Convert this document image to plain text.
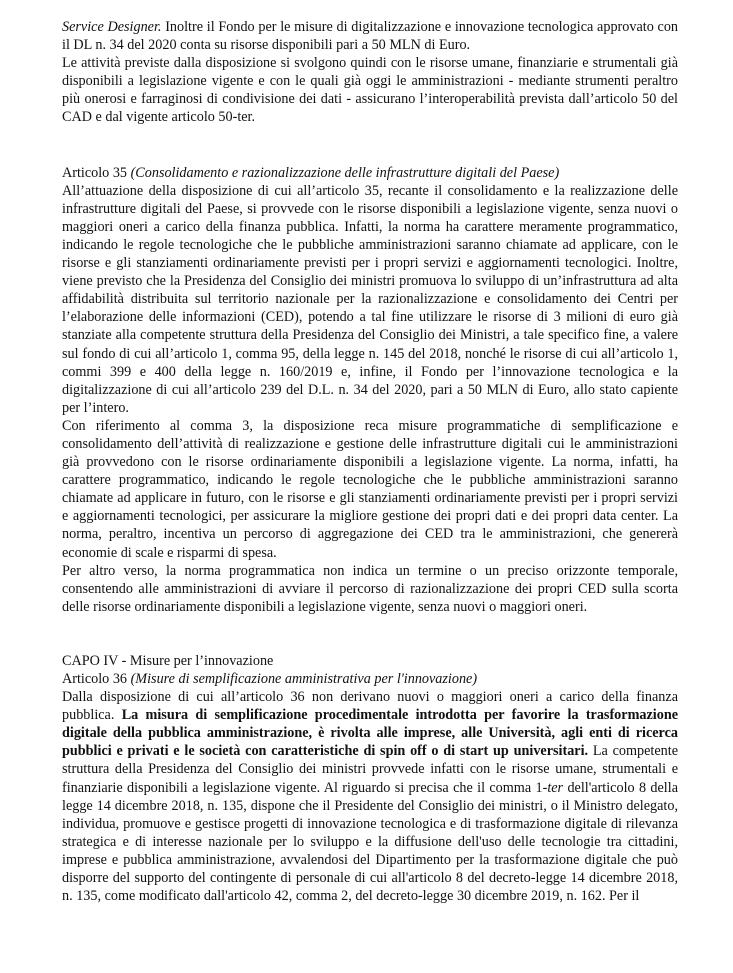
Service Designer. Inoltre il Fondo per le misure di digitalizzazione e innovazione tecnologica approvato con il DL n. 34 del 2020 conta su risorse disponibili pari a 50 MLN di Euro.

Le attività previste dalla disposizione si svolgono quindi con le risorse umane, finanziarie e strumentali già disponibili a legislazione vigente e con le quali già oggi le amministrazioni - mediante strumenti peraltro più onerosi e farraginosi di condivisione dei dati - assicurano l’interoperabilità prevista dall’articolo 50 del CAD e dal vigente articolo 50-ter.

Articolo 35 (Consolidamento e razionalizzazione delle infrastrutture digitali del Paese)

All’attuazione della disposizione di cui all’articolo 35, recante il consolidamento e la realizzazione delle infrastrutture digitali del Paese, si provvede con le risorse disponibili a legislazione vigente, senza nuovi o maggiori oneri a carico della finanza pubblica. Infatti, la norma ha carattere meramente programmatico, indicando le regole tecnologiche che le pubbliche amministrazioni saranno chiamate ad applicare, con le risorse e gli stanziamenti ordinariamente previsti per i propri servizi e aggiornamenti tecnologici. Inoltre, viene previsto che la Presidenza del Consiglio dei ministri promuova lo sviluppo di un’infrastruttura ad alta affidabilità distribuita sul territorio nazionale per la razionalizzazione e consolidamento dei Centri per l’elaborazione delle informazioni (CED), potendo a tal fine utilizzare le risorse di 3 milioni di euro già stanziate alla competente struttura della Presidenza del Consiglio dei Ministri, a tale specifico fine, a valere sul fondo di cui all’articolo 1, comma 95, della legge n. 145 del 2018, nonché le risorse di cui all’articolo 1, commi 399 e 400 della legge n. 160/2019 e, infine, il Fondo per l’innovazione tecnologica e la digitalizzazione di cui all’articolo 239 del D.L. n. 34 del 2020, pari a 50 MLN di Euro, allo stato capiente per l’intero.

Con riferimento al comma 3, la disposizione reca misure programmatiche di semplificazione e consolidamento dell’attività di realizzazione e gestione delle infrastrutture digitali cui le amministrazioni già provvedono con le risorse ordinariamente disponibili a legislazione vigente. La norma, infatti, ha carattere programmatico, indicando le regole tecnologiche che le pubbliche amministrazioni saranno chiamate ad applicare in futuro, con le risorse e gli stanziamenti ordinariamente previsti per i propri servizi e aggiornamenti tecnologici, per assicurare la migliore gestione dei propri dati e dei propri data center. La norma, peraltro, incentiva un percorso di aggregazione dei CED tra le amministrazioni, che genererà economie di scale e risparmi di spesa.

Per altro verso, la norma programmatica non indica un termine o un preciso orizzonte temporale, consentendo alle amministrazioni di avviare il percorso di razionalizzazione dei propri CED sulla scorta delle risorse ordinariamente disponibili a legislazione vigente, senza nuovi o maggiori oneri.

CAPO IV - Misure per l’innovazione

Articolo 36 (Misure di semplificazione amministrativa per l'innovazione)

Dalla disposizione di cui all’articolo 36 non derivano nuovi o maggiori oneri a carico della finanza pubblica. La misura di semplificazione procedimentale introdotta per favorire la trasformazione digitale della pubblica amministrazione, è rivolta alle imprese, alle Università, agli enti di ricerca pubblici e privati e le società con caratteristiche di spin off o di start up universitari. La competente struttura della Presidenza del Consiglio dei ministri provvede infatti con le risorse umane, strumentali e finanziarie disponibili a legislazione vigente. Al riguardo si precisa che il comma 1-ter dell'articolo 8 della legge 14 dicembre 2018, n. 135, dispone che il Presidente del Consiglio dei ministri, o il Ministro delegato, individua, promuove e gestisce progetti di innovazione tecnologica e di trasformazione digitale di rilevanza strategica e di interesse nazionale per lo sviluppo e la diffusione dell'uso delle tecnologie tra cittadini, imprese e pubblica amministrazione, avvalendosi del Dipartimento per la trasformazione digitale che può disporre del supporto del contingente di personale di cui all'articolo 8 del decreto-legge 14 dicembre 2018, n. 135, come modificato dall'articolo 42, comma 2, del decreto-legge 30 dicembre 2019, n. 162. Per il
